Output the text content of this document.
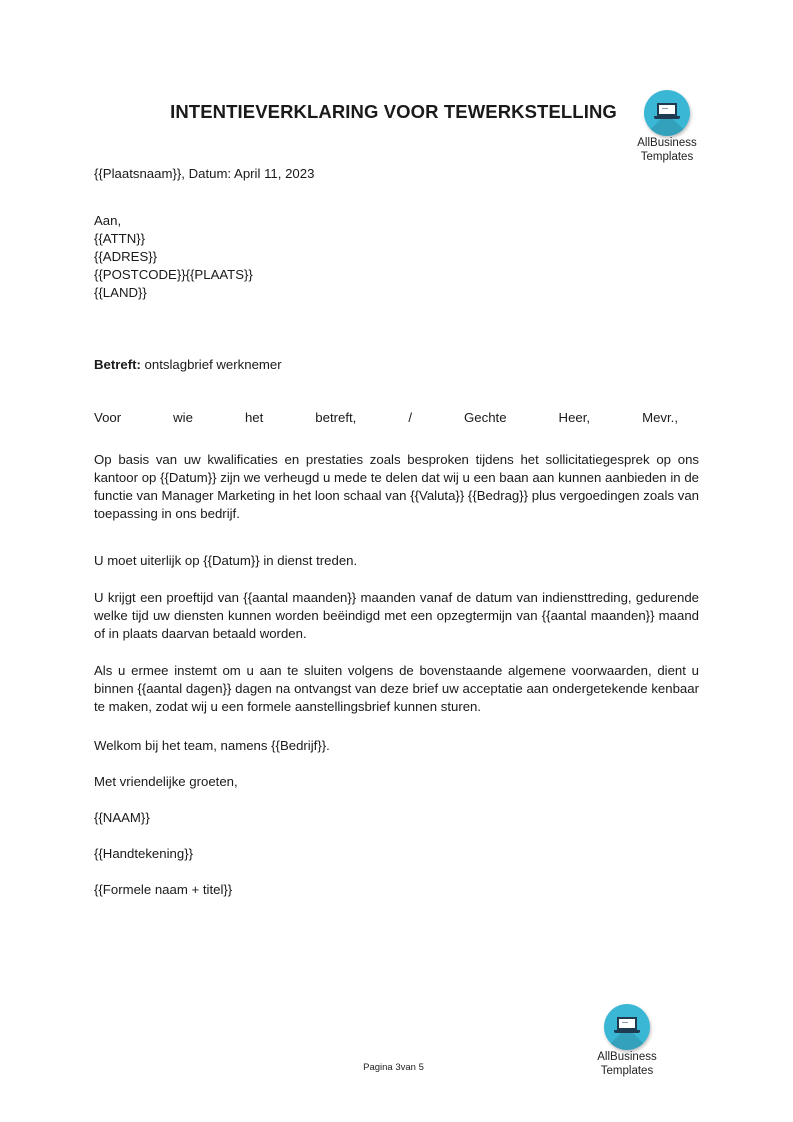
INTENTIEVERKLARING VOOR TEWERKSTELLING
AllBusiness
Templates
{{Plaatsnaam}}, Datum: April 11, 2023
Aan,
{{ATTN}}
{{ADRES}}
{{POSTCODE}}{{PLAATS}}
{{LAND}}
Betreft: ontslagbrief werknemer
Voor	wie	het	betreft,	/	Gechte	Heer,	Mevr.,
Op basis van uw kwalificaties en prestaties zoals besproken tijdens het sollicitatiegesprek op ons kantoor op {{Datum}} zijn we verheugd u mede te delen dat wij u een baan aan kunnen aanbieden in de functie van Manager Marketing in het loon schaal van {{Valuta}} {{Bedrag}} plus vergoedingen zoals van toepassing in ons bedrijf.
U moet uiterlijk op {{Datum}} in dienst treden.
U krijgt een proeftijd van {{aantal maanden}} maanden vanaf de datum van indiensttreding, gedurende welke tijd uw diensten kunnen worden beëindigd met een opzegtermijn van {{aantal maanden}} maand of in plaats daarvan betaald worden.
Als u ermee instemt om u aan te sluiten volgens de bovenstaande algemene voorwaarden, dient u binnen {{aantal dagen}} dagen na ontvangst van deze brief uw acceptatie aan ondergetekende kenbaar te maken, zodat wij u een formele aanstellingsbrief kunnen sturen.
Welkom bij het team, namens {{Bedrijf}}.
Met vriendelijke groeten,
{{NAAM}}
{{Handtekening}}
{{Formele naam + titel}}
AllBusiness
Templates
Pagina 3van 5
